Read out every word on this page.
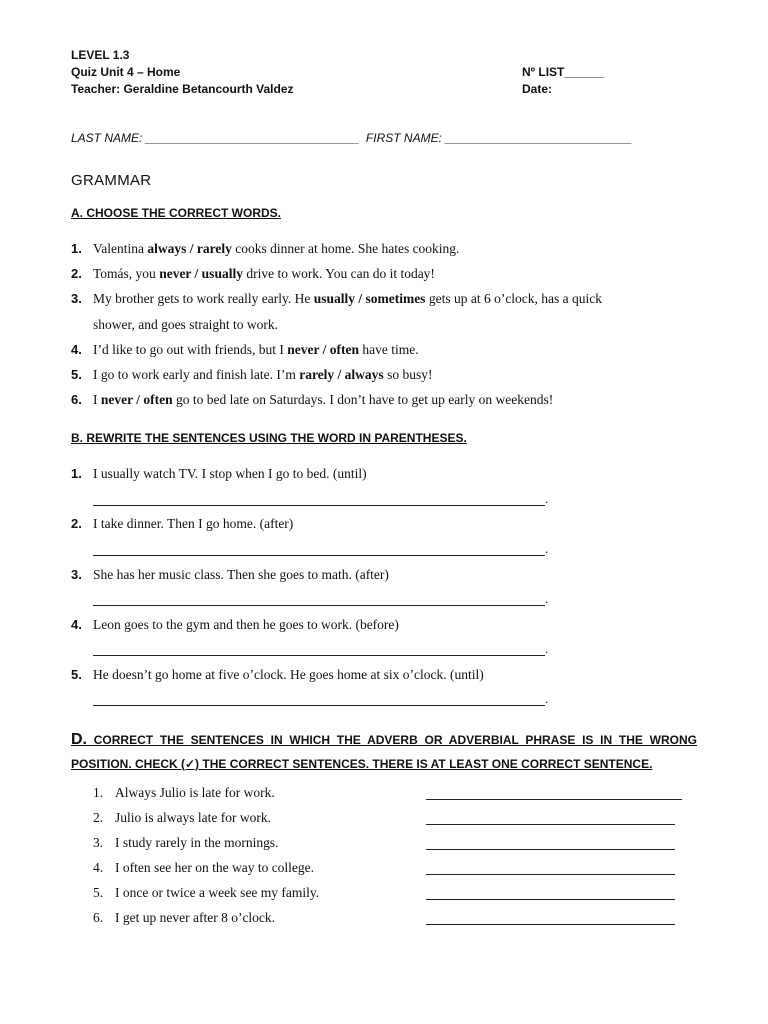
LEVEL 1.3
Quiz Unit 4 – Home
Teacher: Geraldine Betancourth Valdez
Nº LIST______
Date:
LAST NAME: ________________________________  FIRST NAME: ____________________________
GRAMMAR
A. CHOOSE THE CORRECT WORDS.
1. Valentina always / rarely cooks dinner at home. She hates cooking.
2. Tomás, you never / usually drive to work. You can do it today!
3. My brother gets to work really early. He usually / sometimes gets up at 6 o’clock, has a quick
shower, and goes straight to work.
4. I’d like to go out with friends, but I never / often have time.
5. I go to work early and finish late. I’m rarely / always so busy!
6. I never / often go to bed late on Saturdays. I don’t have to get up early on weekends!
B. REWRITE THE SENTENCES USING THE WORD IN PARENTHESES.
1. I usually watch TV. I stop when I go to bed. (until)
.
2. I take dinner. Then I go home. (after)
.
3. She has her music class. Then she goes to math. (after)
.
4. Leon goes to the gym and then he goes to work. (before)
.
5. He doesn’t go home at five o’clock. He goes home at six o’clock. (until)
.
D. CORRECT THE SENTENCES IN WHICH THE ADVERB OR ADVERBIAL PHRASE IS IN THE WRONG POSITION. CHECK (✓) THE CORRECT SENTENCES. THERE IS AT LEAST ONE CORRECT SENTENCE.
1. Always Julio is late for work.
2. Julio is always late for work.
3. I study rarely in the mornings.
4. I often see her on the way to college.
5. I once or twice a week see my family.
6. I get up never after 8 o’clock.
